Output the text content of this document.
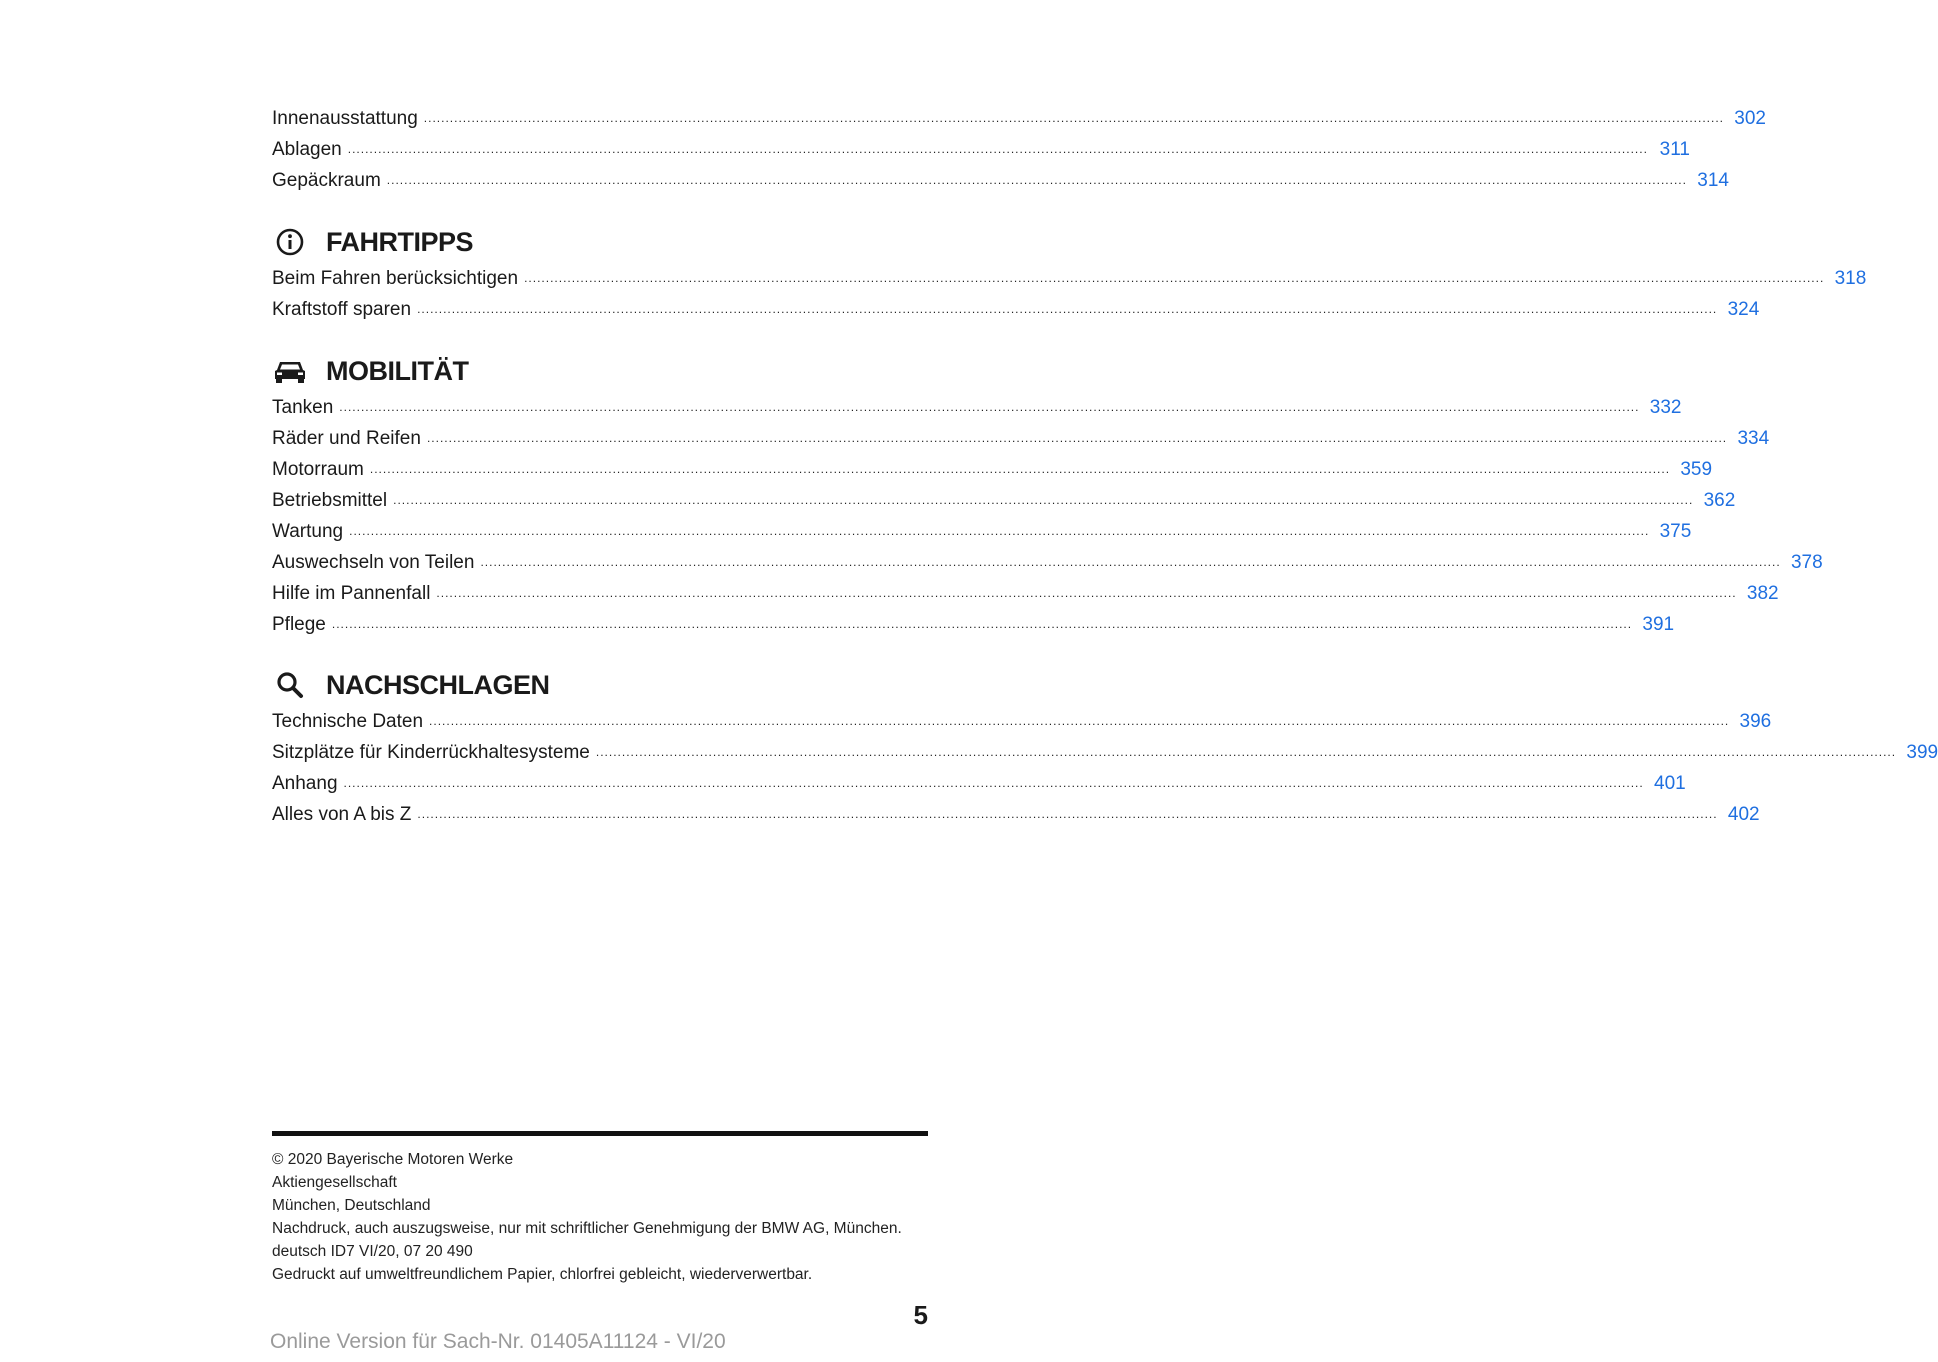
Innenausstattung ............................................................................................................................................................................................................................................................................................................ 302
Ablagen ............................................................................................................................................................................................................................................................................................................ 311
Gepäckraum ............................................................................................................................................................................................................................................................................................................ 314
FAHRTIPPS
Beim Fahren berücksichtigen ............................................................................................................................................................................................................................................................................................................ 318
Kraftstoff sparen ............................................................................................................................................................................................................................................................................................................ 324
MOBILITÄT
Tanken ............................................................................................................................................................................................................................................................................................................ 332
Räder und Reifen ............................................................................................................................................................................................................................................................................................................ 334
Motorraum ............................................................................................................................................................................................................................................................................................................ 359
Betriebsmittel ............................................................................................................................................................................................................................................................................................................ 362
Wartung ............................................................................................................................................................................................................................................................................................................ 375
Auswechseln von Teilen ............................................................................................................................................................................................................................................................................................................ 378
Hilfe im Pannenfall ............................................................................................................................................................................................................................................................................................................ 382
Pflege ............................................................................................................................................................................................................................................................................................................ 391
NACHSCHLAGEN
Technische Daten ............................................................................................................................................................................................................................................................................................................ 396
Sitzplätze für Kinderrückhaltesysteme ............................................................................................................................................................................................................................................................................................................ 399
Anhang ............................................................................................................................................................................................................................................................................................................ 401
Alles von A bis Z ............................................................................................................................................................................................................................................................................................................ 402
© 2020 Bayerische Motoren Werke
Aktiengesellschaft
München, Deutschland
Nachdruck, auch auszugsweise, nur mit schriftlicher Genehmigung der BMW AG, München.
deutsch ID7 VI/20, 07 20 490
Gedruckt auf umweltfreundlichem Papier, chlorfrei gebleicht, wiederverwertbar.
5
Online Version für Sach-Nr. 01405A11124 - VI/20
